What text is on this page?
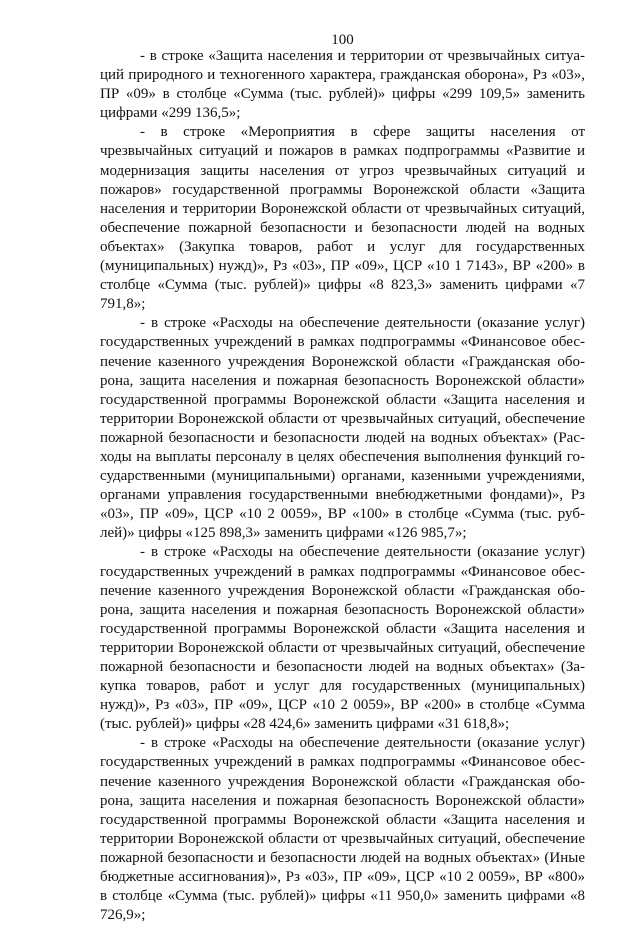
100

- в строке «Защита населения и территории от чрезвычайных ситуаций природного и техногенного характера, гражданская оборона», Рз «03», ПР «09» в столбце «Сумма (тыс. рублей)» цифры «299 109,5» заменить цифрами «299 136,5»;

- в строке «Мероприятия в сфере защиты населения от чрезвычайных ситуаций и пожаров в рамках подпрограммы «Развитие и модернизация защиты населения от угроз чрезвычайных ситуаций и пожаров» государственной программы Воронежской области «Защита населения и территории Воронежской области от чрезвычайных ситуаций, обеспечение пожарной безопасности и безопасности людей на водных объектах» (Закупка товаров, работ и услуг для государственных (муниципальных) нужд)», Рз «03», ПР «09», ЦСР «10 1 7143», ВР «200» в столбце «Сумма (тыс. рублей)» цифры «8 823,3» заменить цифрами «7 791,8»;

- в строке «Расходы на обеспечение деятельности (оказание услуг) государственных учреждений в рамках подпрограммы «Финансовое обеспечение казенного учреждения Воронежской области «Гражданская оборона, защита населения и пожарная безопасность Воронежской области» государственной программы Воронежской области «Защита населения и территории Воронежской области от чрезвычайных ситуаций, обеспечение пожарной безопасности и безопасности людей на водных объектах» (Расходы на выплаты персоналу в целях обеспечения выполнения функций государственными (муниципальными) органами, казенными учреждениями, органами управления государственными внебюджетными фондами)», Рз «03», ПР «09», ЦСР «10 2 0059», ВР «100» в столбце «Сумма (тыс. рублей)» цифры «125 898,3» заменить цифрами «126 985,7»;

- в строке «Расходы на обеспечение деятельности (оказание услуг) государственных учреждений в рамках подпрограммы «Финансовое обеспечение казенного учреждения Воронежской области «Гражданская оборона, защита населения и пожарная безопасность Воронежской области» государственной программы Воронежской области «Защита населения и территории Воронежской области от чрезвычайных ситуаций, обеспечение пожарной безопасности и безопасности людей на водных объектах» (Закупка товаров, работ и услуг для государственных (муниципальных) нужд)», Рз «03», ПР «09», ЦСР «10 2 0059», ВР «200» в столбце «Сумма (тыс. рублей)» цифры «28 424,6» заменить цифрами «31 618,8»;

- в строке «Расходы на обеспечение деятельности (оказание услуг) государственных учреждений в рамках подпрограммы «Финансовое обеспечение казенного учреждения Воронежской области «Гражданская оборона, защита населения и пожарная безопасность Воронежской области» государственной программы Воронежской области «Защита населения и территории Воронежской области от чрезвычайных ситуаций, обеспечение пожарной безопасности и безопасности людей на водных объектах» (Иные бюджетные ассигнования)», Рз «03», ПР «09», ЦСР «10 2 0059», ВР «800» в столбце «Сумма (тыс. рублей)» цифры «11 950,0» заменить цифрами «8 726,9»;
